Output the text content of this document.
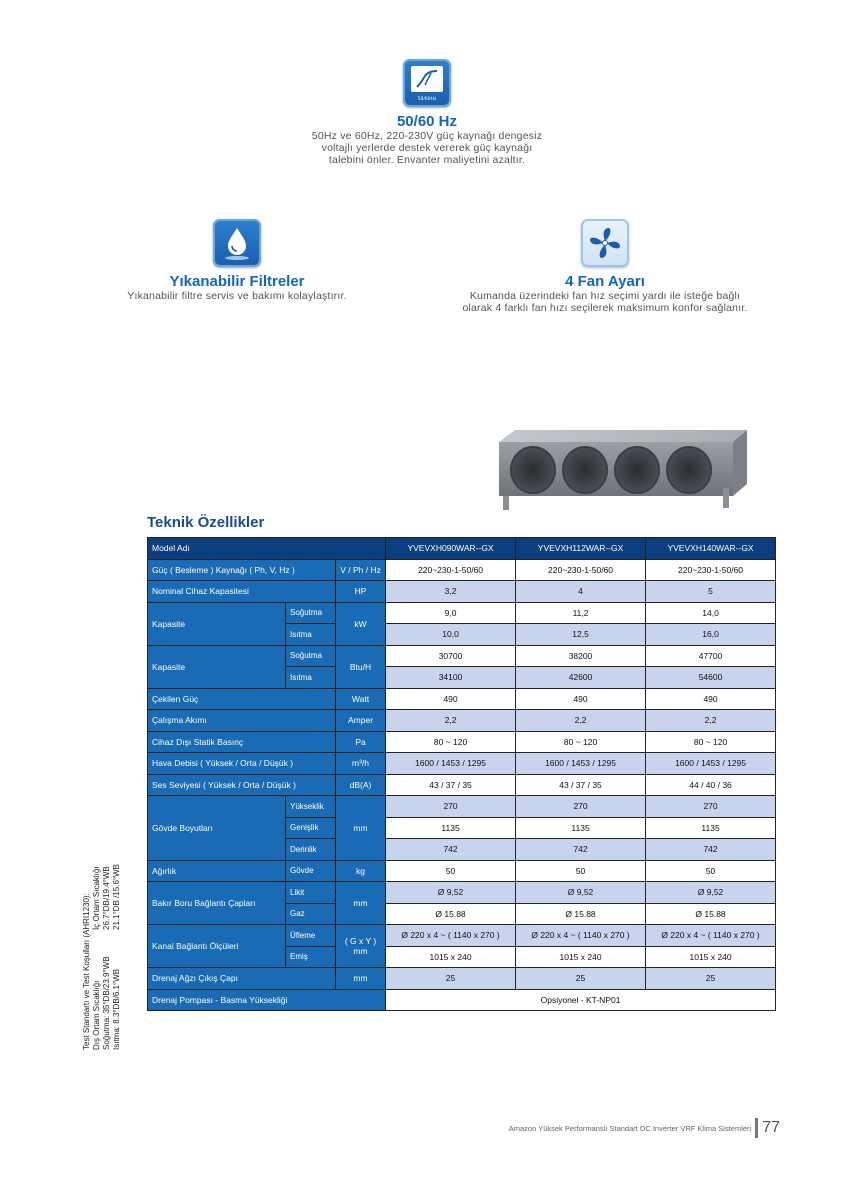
50/60Hz
50/60 Hz
50Hz ve 60Hz, 220-230V güç kaynağı dengesiz
voltajlı yerlerde destek vererek güç kaynağı
talebini önler. Envanter maliyetini azaltır.
Yıkanabilir Filtreler
Yıkanabilir filtre servis ve bakımı kolaylaştırır.
4 Fan Ayarı
Kumanda üzerindeki fan hız seçimi yardı ile isteğe bağlı
olarak 4 farklı fan hızı seçilerek maksimum konfor sağlanır.
Teknik Özellikler
Model Adı			YVEVXH090WAR--GX	YVEVXH112WAR--GX	YVEVXH140WAR--GX
Güç ( Besleme ) Kaynağı ( Ph, V, Hz )		V / Ph / Hz	220~230-1-50/60	220~230-1-50/60	220~230-1-50/60
Nominal Cihaz Kapasitesi		HP	3,2	4	5
Kapasite	Soğutma	kW	9,0	11,2	14,0
	Isıtma		10,0	12,5	16,0
Kapasite	Soğutma	Btu/H	30700	38200	47700
	Isıtma		34100	42600	54600
Çekilen Güç		Watt	490	490	490
Çalışma Akımı		Amper	2,2	2,2	2,2
Cihaz Dışı Statik Basınç		Pa	80 ~ 120	80 ~ 120	80 ~ 120
Hava Debisi ( Yüksek / Orta / Düşük )		m³/h	1600 / 1453 / 1295	1600 / 1453 / 1295	1600 / 1453 / 1295
Ses Seviyesi ( Yüksek / Orta / Düşük )		dB(A)	43 / 37 / 35	43 / 37 / 35	44 / 40 / 36
Gövde Boyutları	Yükseklik	mm	270	270	270
	Genişlik		1135	1135	1135
	Derinlik		742	742	742
Ağırlık	Gövde	kg	50	50	50
Bakır Boru Bağlantı Çapları	Likit	mm	Ø 9,52	Ø 9,52	Ø 9,52
	Gaz		Ø 15.88	Ø 15.88	Ø 15.88
Kanal Bağlantı Ölçüleri	Üfleme	( G x Y ) mm	Ø 220 x 4 ~ ( 1140 x 270 )	Ø 220 x 4 ~ ( 1140 x 270 )	Ø 220 x 4 ~ ( 1140 x 270 )
	Emiş		1015 x 240	1015 x 240	1015 x 240
Drenaj Ağzı Çıkış Çapı		mm	25	25	25
Drenaj Pompası - Basma Yüksekliği			Opsiyonel - KT-NP01		
Test Standartı ve Test Koşulları (AHRI1230): Dış Ortam Sıcaklığı
İç Ortam Sıcaklığı
Soğutma: 35°DB/23.9°WB
26.7°DB/19.4°WB
Isıtma: 8.3°DB/6.1°WB
21.1°DB /15.6°WB
Amazon Yüksek Performanslı Standart DC Inverter VRF Klima Sistemleri 77
